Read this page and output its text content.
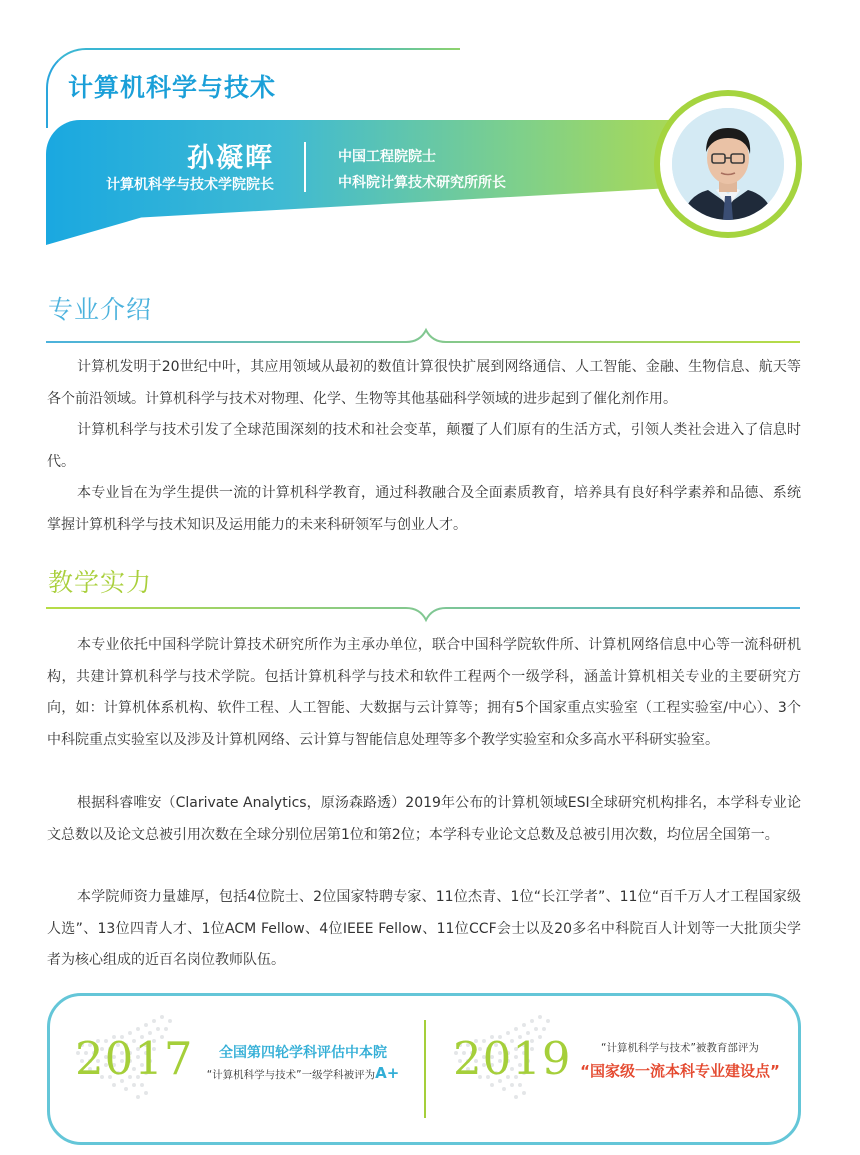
计算机科学与技术
孙凝晖
计算机科学与技术学院院长
中国工程院院士
中科院计算技术研究所所长
专业介绍
计算机发明于20世纪中叶，其应用领域从最初的数值计算很快扩展到网络通信、人工智能、金融、生物信息、航天等各个前沿领域。计算机科学与技术对物理、化学、生物等其他基础科学领域的进步起到了催化剂作用。
计算机科学与技术引发了全球范围深刻的技术和社会变革，颠覆了人们原有的生活方式，引领人类社会进入了信息时代。
本专业旨在为学生提供一流的计算机科学教育，通过科教融合及全面素质教育，培养具有良好科学素养和品德、系统掌握计算机科学与技术知识及运用能力的未来科研领军与创业人才。
教学实力
本专业依托中国科学院计算技术研究所作为主承办单位，联合中国科学院软件所、计算机网络信息中心等一流科研机构，共建计算机科学与技术学院。包括计算机科学与技术和软件工程两个一级学科，涵盖计算机相关专业的主要研究方向，如：计算机体系机构、软件工程、人工智能、大数据与云计算等；拥有5个国家重点实验室（工程实验室/中心）、3个中科院重点实验室以及涉及计算机网络、云计算与智能信息处理等多个教学实验室和众多高水平科研实验室。
根据科睿唯安（Clarivate Analytics，原汤森路透）2019年公布的计算机领域ESI全球研究机构排名，本学科专业论文总数以及论文总被引用次数在全球分别位居第1位和第2位；本学科专业论文总数及总被引用次数，均位居全国第一。
本学院师资力量雄厚，包括4位院士、2位国家特聘专家、11位杰青、1位“长江学者”、11位“百千万人才工程国家级人选”、13位四青人才、1位ACM Fellow、4位IEEE Fellow、11位CCF会士以及20多名中科院百人计划等一大批顶尖学者为核心组成的近百名岗位教师队伍。
2017	全国第四轮学科评估中本院
“计算机科学与技术”一级学科被评为A+	2019	“计算机科学与技术”被教育部评为
“国家级一流本科专业建设点”
